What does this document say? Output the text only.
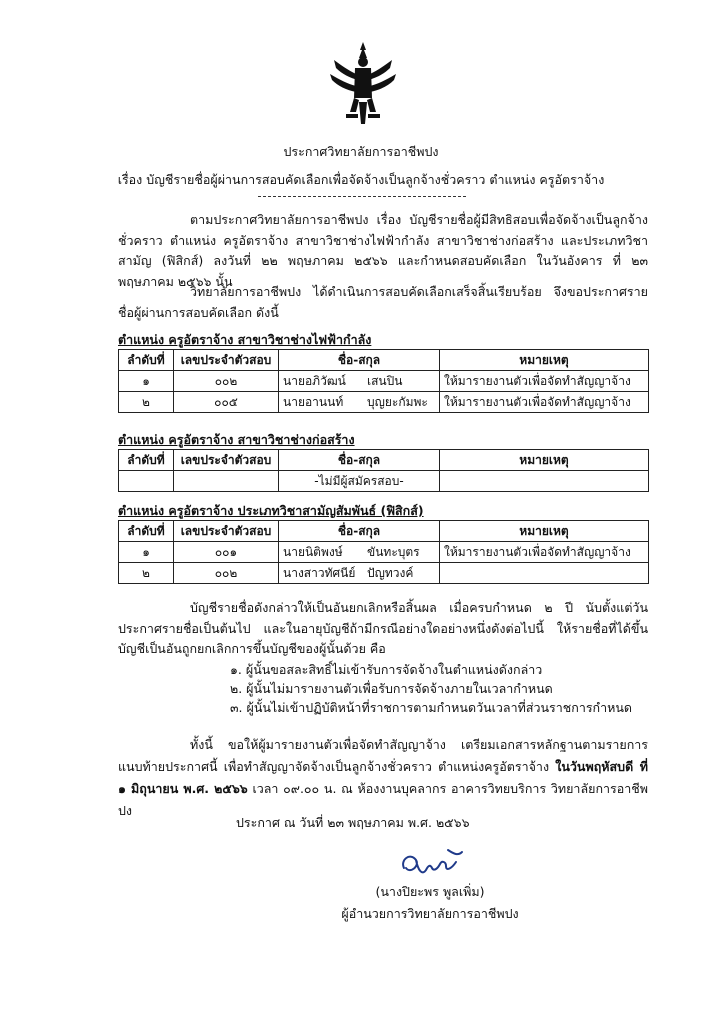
ประกาศวิทยาลัยการอาชีพปง
เรื่อง บัญชีรายชื่อผู้ผ่านการสอบคัดเลือกเพื่อจัดจ้างเป็นลูกจ้างชั่วคราว ตำแหน่ง ครูอัตราจ้าง

ตามประกาศวิทยาลัยการอาชีพปง เรื่อง บัญชีรายชื่อผู้มีสิทธิสอบเพื่อจัดจ้างเป็นลูกจ้างชั่วคราว ตำแหน่ง ครูอัตราจ้าง สาขาวิชาช่างไฟฟ้ากำลัง สาขาวิชาช่างก่อสร้าง และประเภทวิชาสามัญ (ฟิสิกส์) ลงวันที่ ๒๒ พฤษภาคม ๒๕๖๖ และกำหนดสอบคัดเลือก ในวันอังคาร ที่ ๒๓ พฤษภาคม ๒๕๖๖ นั้น

วิทยาลัยการอาชีพปง ได้ดำเนินการสอบคัดเลือกเสร็จสิ้นเรียบร้อย จึงขอประกาศรายชื่อผู้ผ่านการสอบคัดเลือก ดังนี้

ตำแหน่ง ครูอัตราจ้าง สาขาวิชาช่างไฟฟ้ากำลัง
ลำดับที่	เลขประจำตัวสอบ	ชื่อ-สกุล	หมายเหตุ
๑	๐๐๒	นายอภิวัฒน์ เสนปิน	ให้มารายงานตัวเพื่อจัดทำสัญญาจ้าง
๒	๐๐๕	นายอานนท์ บุญยะกัมพะ	ให้มารายงานตัวเพื่อจัดทำสัญญาจ้าง
ตำแหน่ง ครูอัตราจ้าง สาขาวิชาช่างก่อสร้าง
ลำดับที่	เลขประจำตัวสอบ	ชื่อ-สกุล	หมายเหตุ
		-ไม่มีผู้สมัครสอบ-	
ตำแหน่ง ครูอัตราจ้าง ประเภทวิชาสามัญสัมพันธ์ (ฟิสิกส์)
ลำดับที่	เลขประจำตัวสอบ	ชื่อ-สกุล	หมายเหตุ
๑	๐๐๑	นายนิติพงษ์ ขันทะบุตร	ให้มารายงานตัวเพื่อจัดทำสัญญาจ้าง
๒	๐๐๒	นางสาวทัศนีย์ ปัญทวงค์	

บัญชีรายชื่อดังกล่าวให้เป็นอันยกเลิกหรือสิ้นผล เมื่อครบกำหนด ๒ ปี นับตั้งแต่วันประกาศรายชื่อเป็นต้นไป และในอายุบัญชีถ้ามีกรณีอย่างใดอย่างหนึ่งดังต่อไปนี้ ให้รายชื่อที่ได้ขึ้นบัญชีเป็นอันถูกยกเลิกการขึ้นบัญชีของผู้นั้นด้วย คือ

๑. ผู้นั้นขอสละสิทธิ์ไม่เข้ารับการจัดจ้างในตำแหน่งดังกล่าว
๒. ผู้นั้นไม่มารายงานตัวเพื่อรับการจัดจ้างภายในเวลากำหนด
๓. ผู้นั้นไม่เข้าปฏิบัติหน้าที่ราชการตามกำหนดวันเวลาที่ส่วนราชการกำหนด

ทั้งนี้ ขอให้ผู้มารายงานตัวเพื่อจัดทำสัญญาจ้าง เตรียมเอกสารหลักฐานตามรายการแนบท้ายประกาศนี้ เพื่อทำสัญญาจัดจ้างเป็นลูกจ้างชั่วคราว ตำแหน่งครูอัตราจ้าง ในวันพฤหัสบดี ที่ ๑ มิถุนายน พ.ศ. ๒๕๖๖ เวลา ๐๙.๐๐ น. ณ ห้องงานบุคลากร อาคารวิทยบริการ วิทยาลัยการอาชีพปง

ประกาศ ณ วันที่ ๒๓ พฤษภาคม พ.ศ. ๒๕๖๖
(นางปิยะพร พูลเพิ่ม)
ผู้อำนวยการวิทยาลัยการอาชีพปง
